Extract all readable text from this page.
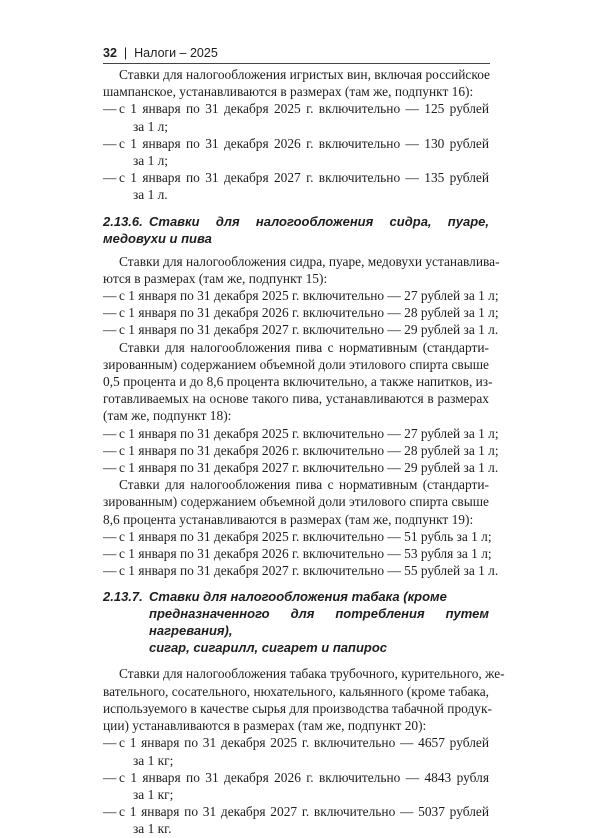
32 | Налоги – 2025
Ставки для налогообложения игристых вин, включая российское
шампанское, устанавливаются в размерах (там же, подпункт 16):
— с 1 января по 31 декабря 2025 г. включительно — 125 рублей
за 1 л;
— с 1 января по 31 декабря 2026 г. включительно — 130 рублей
за 1 л;
— с 1 января по 31 декабря 2027 г. включительно — 135 рублей
за 1 л.
2.13.6. Ставки для налогообложения сидра, пуаре, медовухи и пива
Ставки для налогообложения сидра, пуаре, медовухи устанавлива-
ются в размерах (там же, подпункт 15):
— с 1 января по 31 декабря 2025 г. включительно — 27 рублей за 1 л;
— с 1 января по 31 декабря 2026 г. включительно — 28 рублей за 1 л;
— с 1 января по 31 декабря 2027 г. включительно — 29 рублей за 1 л.
Ставки для налогообложения пива с нормативным (стандарти-
зированным) содержанием объемной доли этилового спирта свыше
0,5 процента и до 8,6 процента включительно, а также напитков, из-
готавливаемых на основе такого пива, устанавливаются в размерах
(там же, подпункт 18):
— с 1 января по 31 декабря 2025 г. включительно — 27 рублей за 1 л;
— с 1 января по 31 декабря 2026 г. включительно — 28 рублей за 1 л;
— с 1 января по 31 декабря 2027 г. включительно — 29 рублей за 1 л.
Ставки для налогообложения пива с нормативным (стандарти-
зированным) содержанием объемной доли этилового спирта свыше
8,6 процента устанавливаются в размерах (там же, подпункт 19):
— с 1 января по 31 декабря 2025 г. включительно — 51 рубль за 1 л;
— с 1 января по 31 декабря 2026 г. включительно — 53 рубля за 1 л;
— с 1 января по 31 декабря 2027 г. включительно — 55 рублей за 1 л.
2.13.7. Ставки для налогообложения табака (кроме
предназначенного для потребления путем нагревания),
сигар, сигарилл, сигарет и папирос
Ставки для налогообложения табака трубочного, курительного, же-
вательного, сосательного, нюхательного, кальянного (кроме табака,
используемого в качестве сырья для производства табачной продук-
ции) устанавливаются в размерах (там же, подпункт 20):
— с 1 января по 31 декабря 2025 г. включительно — 4657 рублей
за 1 кг;
— с 1 января по 31 декабря 2026 г. включительно — 4843 рубля
за 1 кг;
— с 1 января по 31 декабря 2027 г. включительно — 5037 рублей
за 1 кг.
